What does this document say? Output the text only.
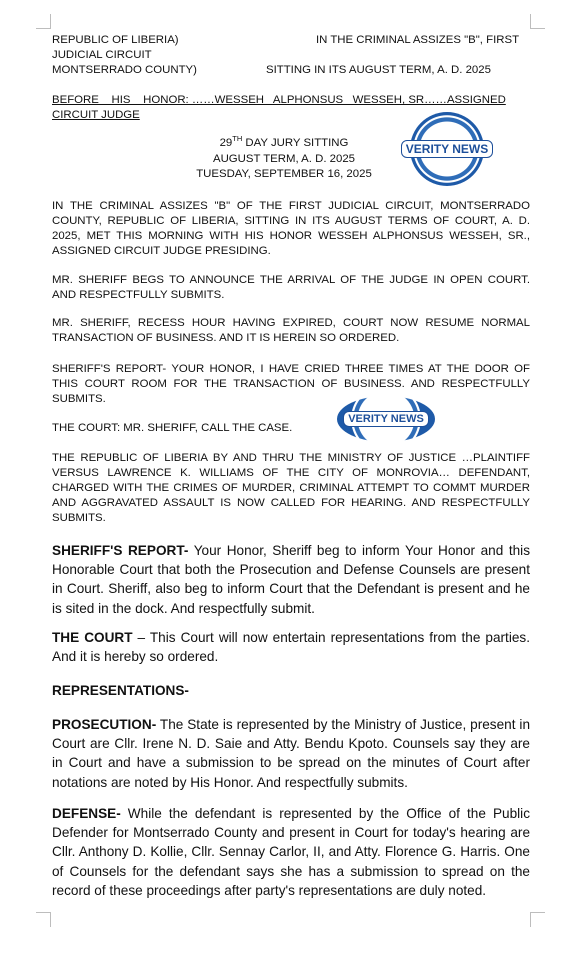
REPUBLIC OF LIBERIA)	IN THE CRIMINAL ASSIZES "B", FIRST
JUDICIAL CIRCUIT
MONTSERRADO COUNTY)	SITTING IN ITS AUGUST TERM, A. D. 2025
BEFORE    HIS    HONOR: ……WESSEH   ALPHONSUS   WESSEH, SR……ASSIGNED
CIRCUIT JUDGE
29TH DAY JURY SITTING
AUGUST TERM, A. D. 2025
TUESDAY, SEPTEMBER 16, 2025
VERITY NEWS
IN THE CRIMINAL ASSIZES "B" OF THE FIRST JUDICIAL CIRCUIT, MONTSERRADO COUNTY, REPUBLIC OF LIBERIA, SITTING IN ITS AUGUST TERMS OF COURT, A. D. 2025, MET THIS MORNING WITH HIS HONOR WESSEH ALPHONSUS WESSEH, SR., ASSIGNED CIRCUIT JUDGE PRESIDING.
MR. SHERIFF BEGS TO ANNOUNCE THE ARRIVAL OF THE JUDGE IN OPEN COURT. AND RESPECTFULLY SUBMITS.
MR. SHERIFF, RECESS HOUR HAVING EXPIRED, COURT NOW RESUME NORMAL TRANSACTION OF BUSINESS. AND IT IS HEREIN SO ORDERED.
SHERIFF'S REPORT- YOUR HONOR, I HAVE CRIED THREE TIMES AT THE DOOR OF THIS COURT ROOM FOR THE TRANSACTION OF BUSINESS. AND RESPECTFULLY SUBMITS.
THE COURT: MR. SHERIFF, CALL THE CASE.
VERITY NEWS
THE REPUBLIC OF LIBERIA BY AND THRU THE MINISTRY OF JUSTICE …PLAINTIFF VERSUS LAWRENCE K. WILLIAMS OF THE CITY OF MONROVIA… DEFENDANT, CHARGED WITH THE CRIMES OF MURDER, CRIMINAL ATTEMPT TO COMMT MURDER AND AGGRAVATED ASSAULT IS NOW CALLED FOR HEARING. AND RESPECTFULLY SUBMITS.
SHERIFF'S REPORT- Your Honor, Sheriff beg to inform Your Honor and this Honorable Court that both the Prosecution and Defense Counsels are present in Court. Sheriff, also beg to inform Court that the Defendant is present and he is sited in the dock. And respectfully submit.
THE COURT – This Court will now entertain representations from the parties. And it is hereby so ordered.
REPRESENTATIONS-
PROSECUTION- The State is represented by the Ministry of Justice, present in Court are Cllr. Irene N. D. Saie and Atty. Bendu Kpoto. Counsels say they are in Court and have a submission to be spread on the minutes of Court after notations are noted by His Honor. And respectfully submits.
DEFENSE- While the defendant is represented by the Office of the Public Defender for Montserrado County and present in Court for today's hearing are Cllr. Anthony D. Kollie, Cllr. Sennay Carlor, II, and Atty. Florence G. Harris. One of Counsels for the defendant says she has a submission to spread on the record of these proceedings after party's representations are duly noted.
